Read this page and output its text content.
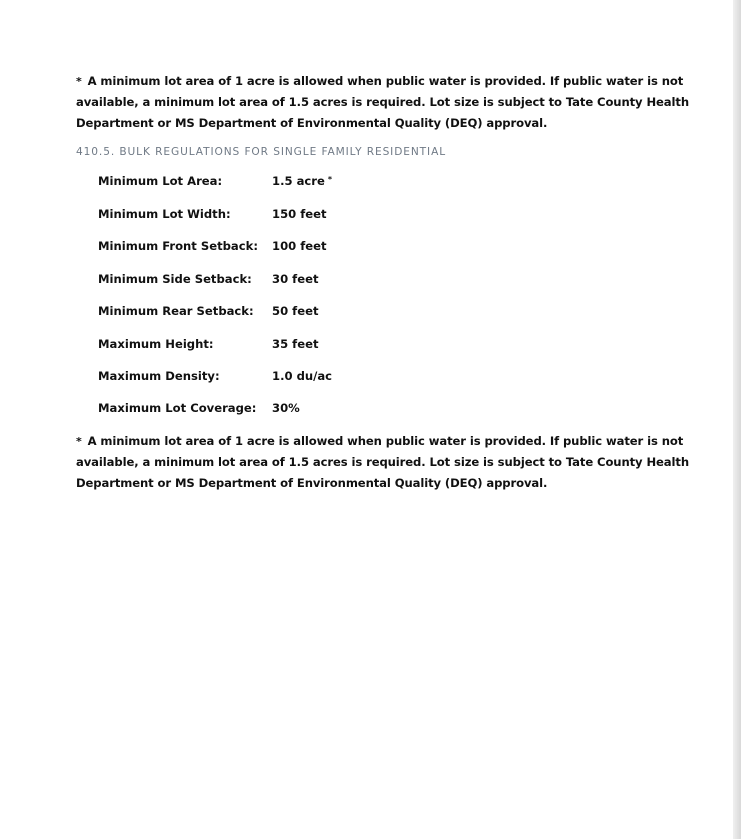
* A minimum lot area of 1 acre is allowed when public water is provided. If public water is not
available, a minimum lot area of 1.5 acres is required. Lot size is subject to Tate County Health
Department or MS Department of Environmental Quality (DEQ) approval.
410.5. BULK REGULATIONS FOR SINGLE FAMILY RESIDENTIAL
Minimum Lot Area:	1.5 acre *
Minimum Lot Width:	150 feet
Minimum Front Setback: 100 feet
Minimum Side Setback: 30 feet
Minimum Rear Setback: 50 feet
Maximum Height:	35 feet
Maximum Density:	1.0 du/ac
Maximum Lot Coverage: 30%
* A minimum lot area of 1 acre is allowed when public water is provided. If public water is not
available, a minimum lot area of 1.5 acres is required. Lot size is subject to Tate County Health
Department or MS Department of Environmental Quality (DEQ) approval.
